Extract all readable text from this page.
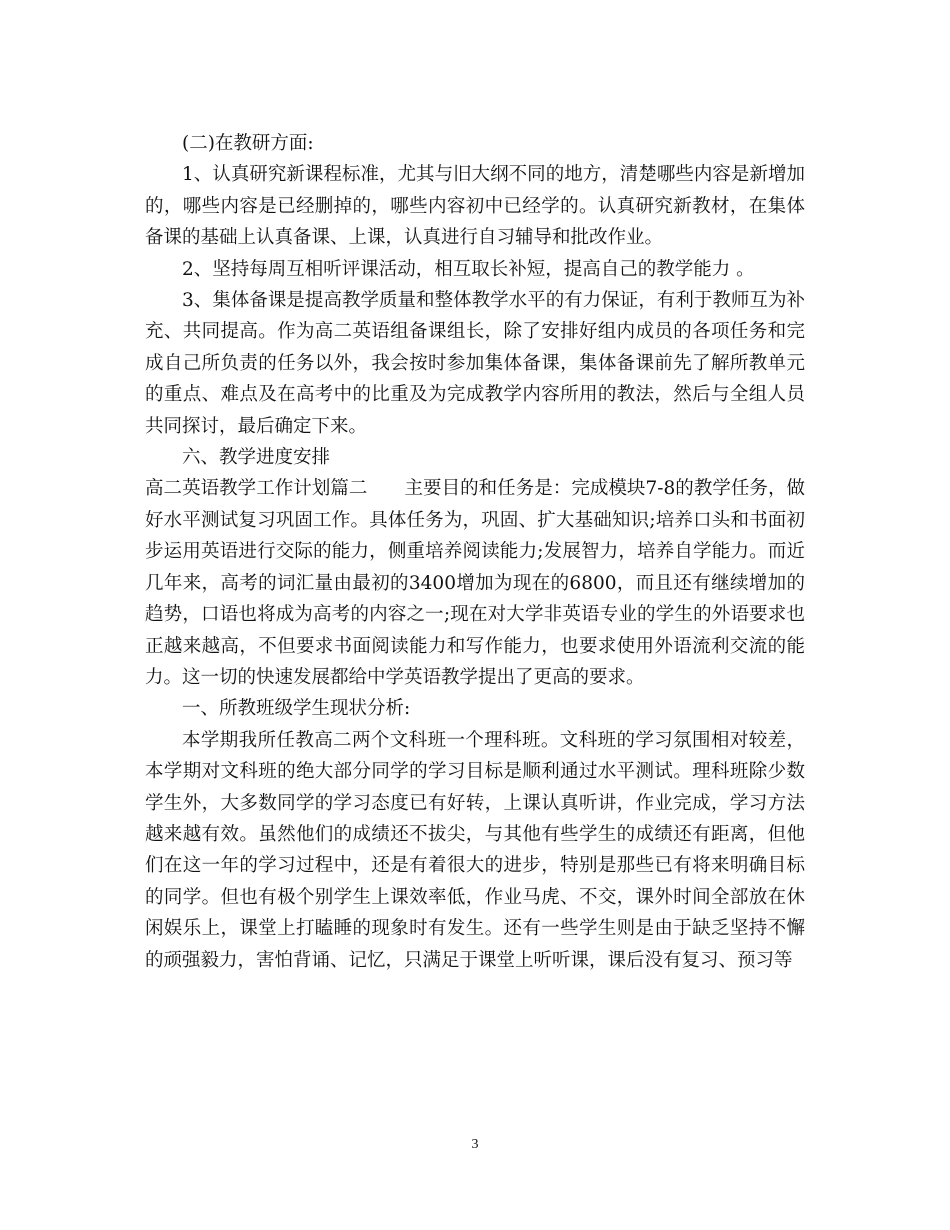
(二)在教研方面:

1、认真研究新课程标准，尤其与旧大纲不同的地方，清楚哪些内容是新增加的，哪些内容是已经删掉的，哪些内容初中已经学的。认真研究新教材，在集体备课的基础上认真备课、上课，认真进行自习辅导和批改作业。

2、坚持每周互相听评课活动，相互取长补短，提高自己的教学能力 。

3、集体备课是提高教学质量和整体教学水平的有力保证，有利于教师互为补充、共同提高。作为高二英语组备课组长，除了安排好组内成员的各项任务和完成自己所负责的任务以外，我会按时参加集体备课，集体备课前先了解所教单元的重点、难点及在高考中的比重及为完成教学内容所用的教法，然后与全组人员共同探讨，最后确定下来。

六、教学进度安排

高二英语教学工作计划篇二　　主要目的和任务是：完成模块7-8的教学任务，做好水平测试复习巩固工作。具体任务为，巩固、扩大基础知识;培养口头和书面初步运用英语进行交际的能力，侧重培养阅读能力;发展智力，培养自学能力。而近几年来，高考的词汇量由最初的3400增加为现在的6800，而且还有继续增加的趋势，口语也将成为高考的内容之一;现在对大学非英语专业的学生的外语要求也正越来越高，不但要求书面阅读能力和写作能力，也要求使用外语流利交流的能力。这一切的快速发展都给中学英语教学提出了更高的要求。

一、所教班级学生现状分析:

本学期我所任教高二两个文科班一个理科班。文科班的学习氛围相对较差，本学期对文科班的绝大部分同学的学习目标是顺利通过水平测试。理科班除少数学生外，大多数同学的学习态度已有好转，上课认真听讲，作业完成，学习方法越来越有效。虽然他们的成绩还不拔尖，与其他有些学生的成绩还有距离，但他们在这一年的学习过程中，还是有着很大的进步，特别是那些已有将来明确目标的同学。但也有极个别学生上课效率低，作业马虎、不交，课外时间全部放在休闲娱乐上，课堂上打瞌睡的现象时有发生。还有一些学生则是由于缺乏坚持不懈的顽强毅力，害怕背诵、记忆，只满足于课堂上听听课，课后没有复习、预习等

3
